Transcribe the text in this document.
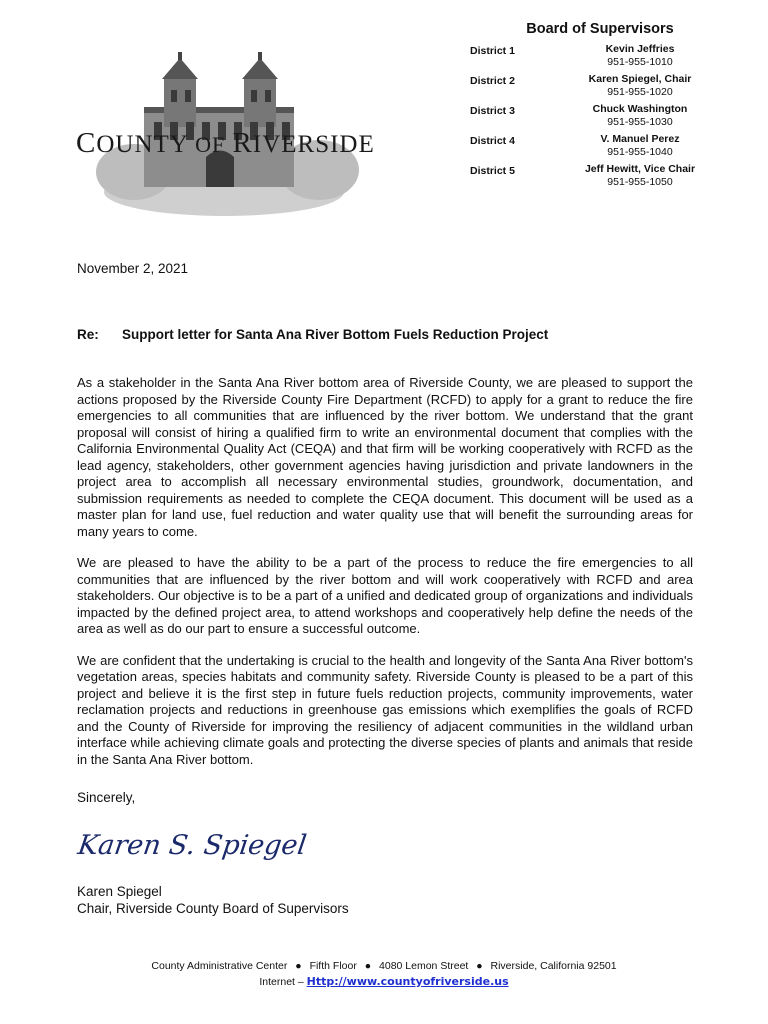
COUNTY OF RIVERSIDE
Board of Supervisors
District 1	Kevin Jeffries
951-955-1010
District 2	Karen Spiegel, Chair
951-955-1020
District 3	Chuck Washington
951-955-1030
District 4	V. Manuel Perez
951-955-1040
District 5	Jeff Hewitt, Vice Chair
951-955-1050
November 2, 2021
Re:	Support letter for Santa Ana River Bottom Fuels Reduction Project

As a stakeholder in the Santa Ana River bottom area of Riverside County, we are pleased to support the actions proposed by the Riverside County Fire Department (RCFD) to apply for a grant to reduce the fire emergencies to all communities that are influenced by the river bottom. We understand that the grant proposal will consist of hiring a qualified firm to write an environmental document that complies with the California Environmental Quality Act (CEQA) and that firm will be working cooperatively with RCFD as the lead agency, stakeholders, other government agencies having jurisdiction and private landowners in the project area to accomplish all necessary environmental studies, groundwork, documentation, and submission requirements as needed to complete the CEQA document. This document will be used as a master plan for land use, fuel reduction and water quality use that will benefit the surrounding areas for many years to come.

We are pleased to have the ability to be a part of the process to reduce the fire emergencies to all communities that are influenced by the river bottom and will work cooperatively with RCFD and area stakeholders. Our objective is to be a part of a unified and dedicated group of organizations and individuals impacted by the defined project area, to attend workshops and cooperatively help define the needs of the area as well as do our part to ensure a successful outcome.

We are confident that the undertaking is crucial to the health and longevity of the Santa Ana River bottom's vegetation areas, species habitats and community safety. Riverside County is pleased to be a part of this project and believe it is the first step in future fuels reduction projects, community improvements, water reclamation projects and reductions in greenhouse gas emissions which exemplifies the goals of RCFD and the County of Riverside for improving the resiliency of adjacent communities in the wildland urban interface while achieving climate goals and protecting the diverse species of plants and animals that reside in the Santa Ana River bottom.

Sincerely,
Karen S. Spiegel
Karen Spiegel
Chair, Riverside County Board of Supervisors
County Administrative Center ● Fifth Floor ● 4080 Lemon Street ● Riverside, California 92501
Internet – Http://www.countyofriverside.us
